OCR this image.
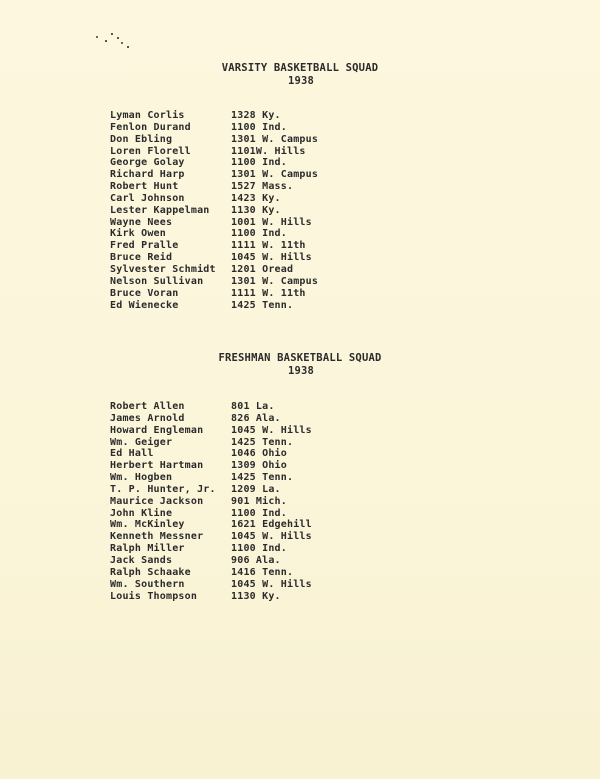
VARSITY BASKETBALL SQUAD
1938
Lyman Corlis	1328 Ky.
Fenlon Durand	1100 Ind.
Don Ebling	1301 W. Campus
Loren Florell	1101W. Hills
George Golay	1100 Ind.
Richard Harp	1301 W. Campus
Robert Hunt	1527 Mass.
Carl Johnson	1423 Ky.
Lester Kappelman	1130 Ky.
Wayne Nees	1001 W. Hills
Kirk Owen	1100 Ind.
Fred Pralle	1111 W. 11th
Bruce Reid	1045 W. Hills
Sylvester Schmidt	1201 Oread
Nelson Sullivan	1301 W. Campus
Bruce Voran	1111 W. 11th
Ed Wienecke	1425 Tenn.
FRESHMAN BASKETBALL SQUAD
1938
Robert Allen	801 La.
James Arnold	826 Ala.
Howard Engleman	1045 W. Hills
Wm. Geiger	1425 Tenn.
Ed Hall	1046 Ohio
Herbert Hartman	1309 Ohio
Wm. Hogben	1425 Tenn.
T. P. Hunter, Jr.	1209 La.
Maurice Jackson	901 Mich.
John Kline	1100 Ind.
Wm. McKinley	1621 Edgehill
Kenneth Messner	1045 W. Hills
Ralph Miller	1100 Ind.
Jack Sands	906 Ala.
Ralph Schaake	1416 Tenn.
Wm. Southern	1045 W. Hills
Louis Thompson	1130 Ky.
